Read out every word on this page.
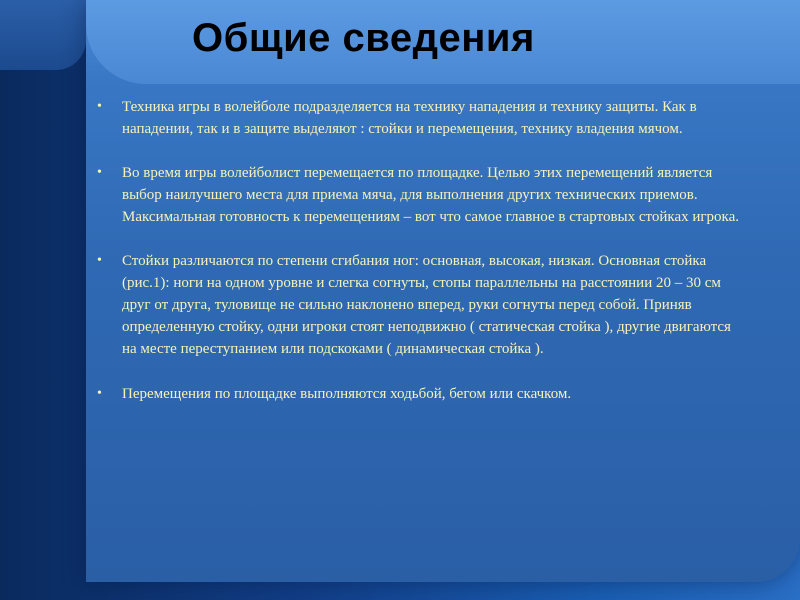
Общие сведения
• Техника игры в волейболе подразделяется на технику нападения и технику защиты. Как в нападении, так и в защите выделяют : стойки и перемещения, технику владения мячом.

• Во время игры волейболист перемещается по площадке. Целью этих перемещений является выбор наилучшего места для приема мяча, для выполнения других технических приемов.

Максимальная готовность к перемещениям – вот что самое главное в стартовых стойках игрока.

• Стойки различаются по степени сгибания ног: основная, высокая, низкая. Основная стойка (рис.1): ноги на одном уровне и слегка согнуты, стопы параллельны на расстоянии 20 – 30 см друг от друга, туловище не сильно наклонено вперед, руки согнуты перед собой. Приняв определенную стойку, одни игроки стоят неподвижно ( статическая стойка ), другие двигаются на месте переступанием или подскоками ( динамическая стойка ).

• Перемещения по площадке выполняются ходьбой, бегом или скачком.
